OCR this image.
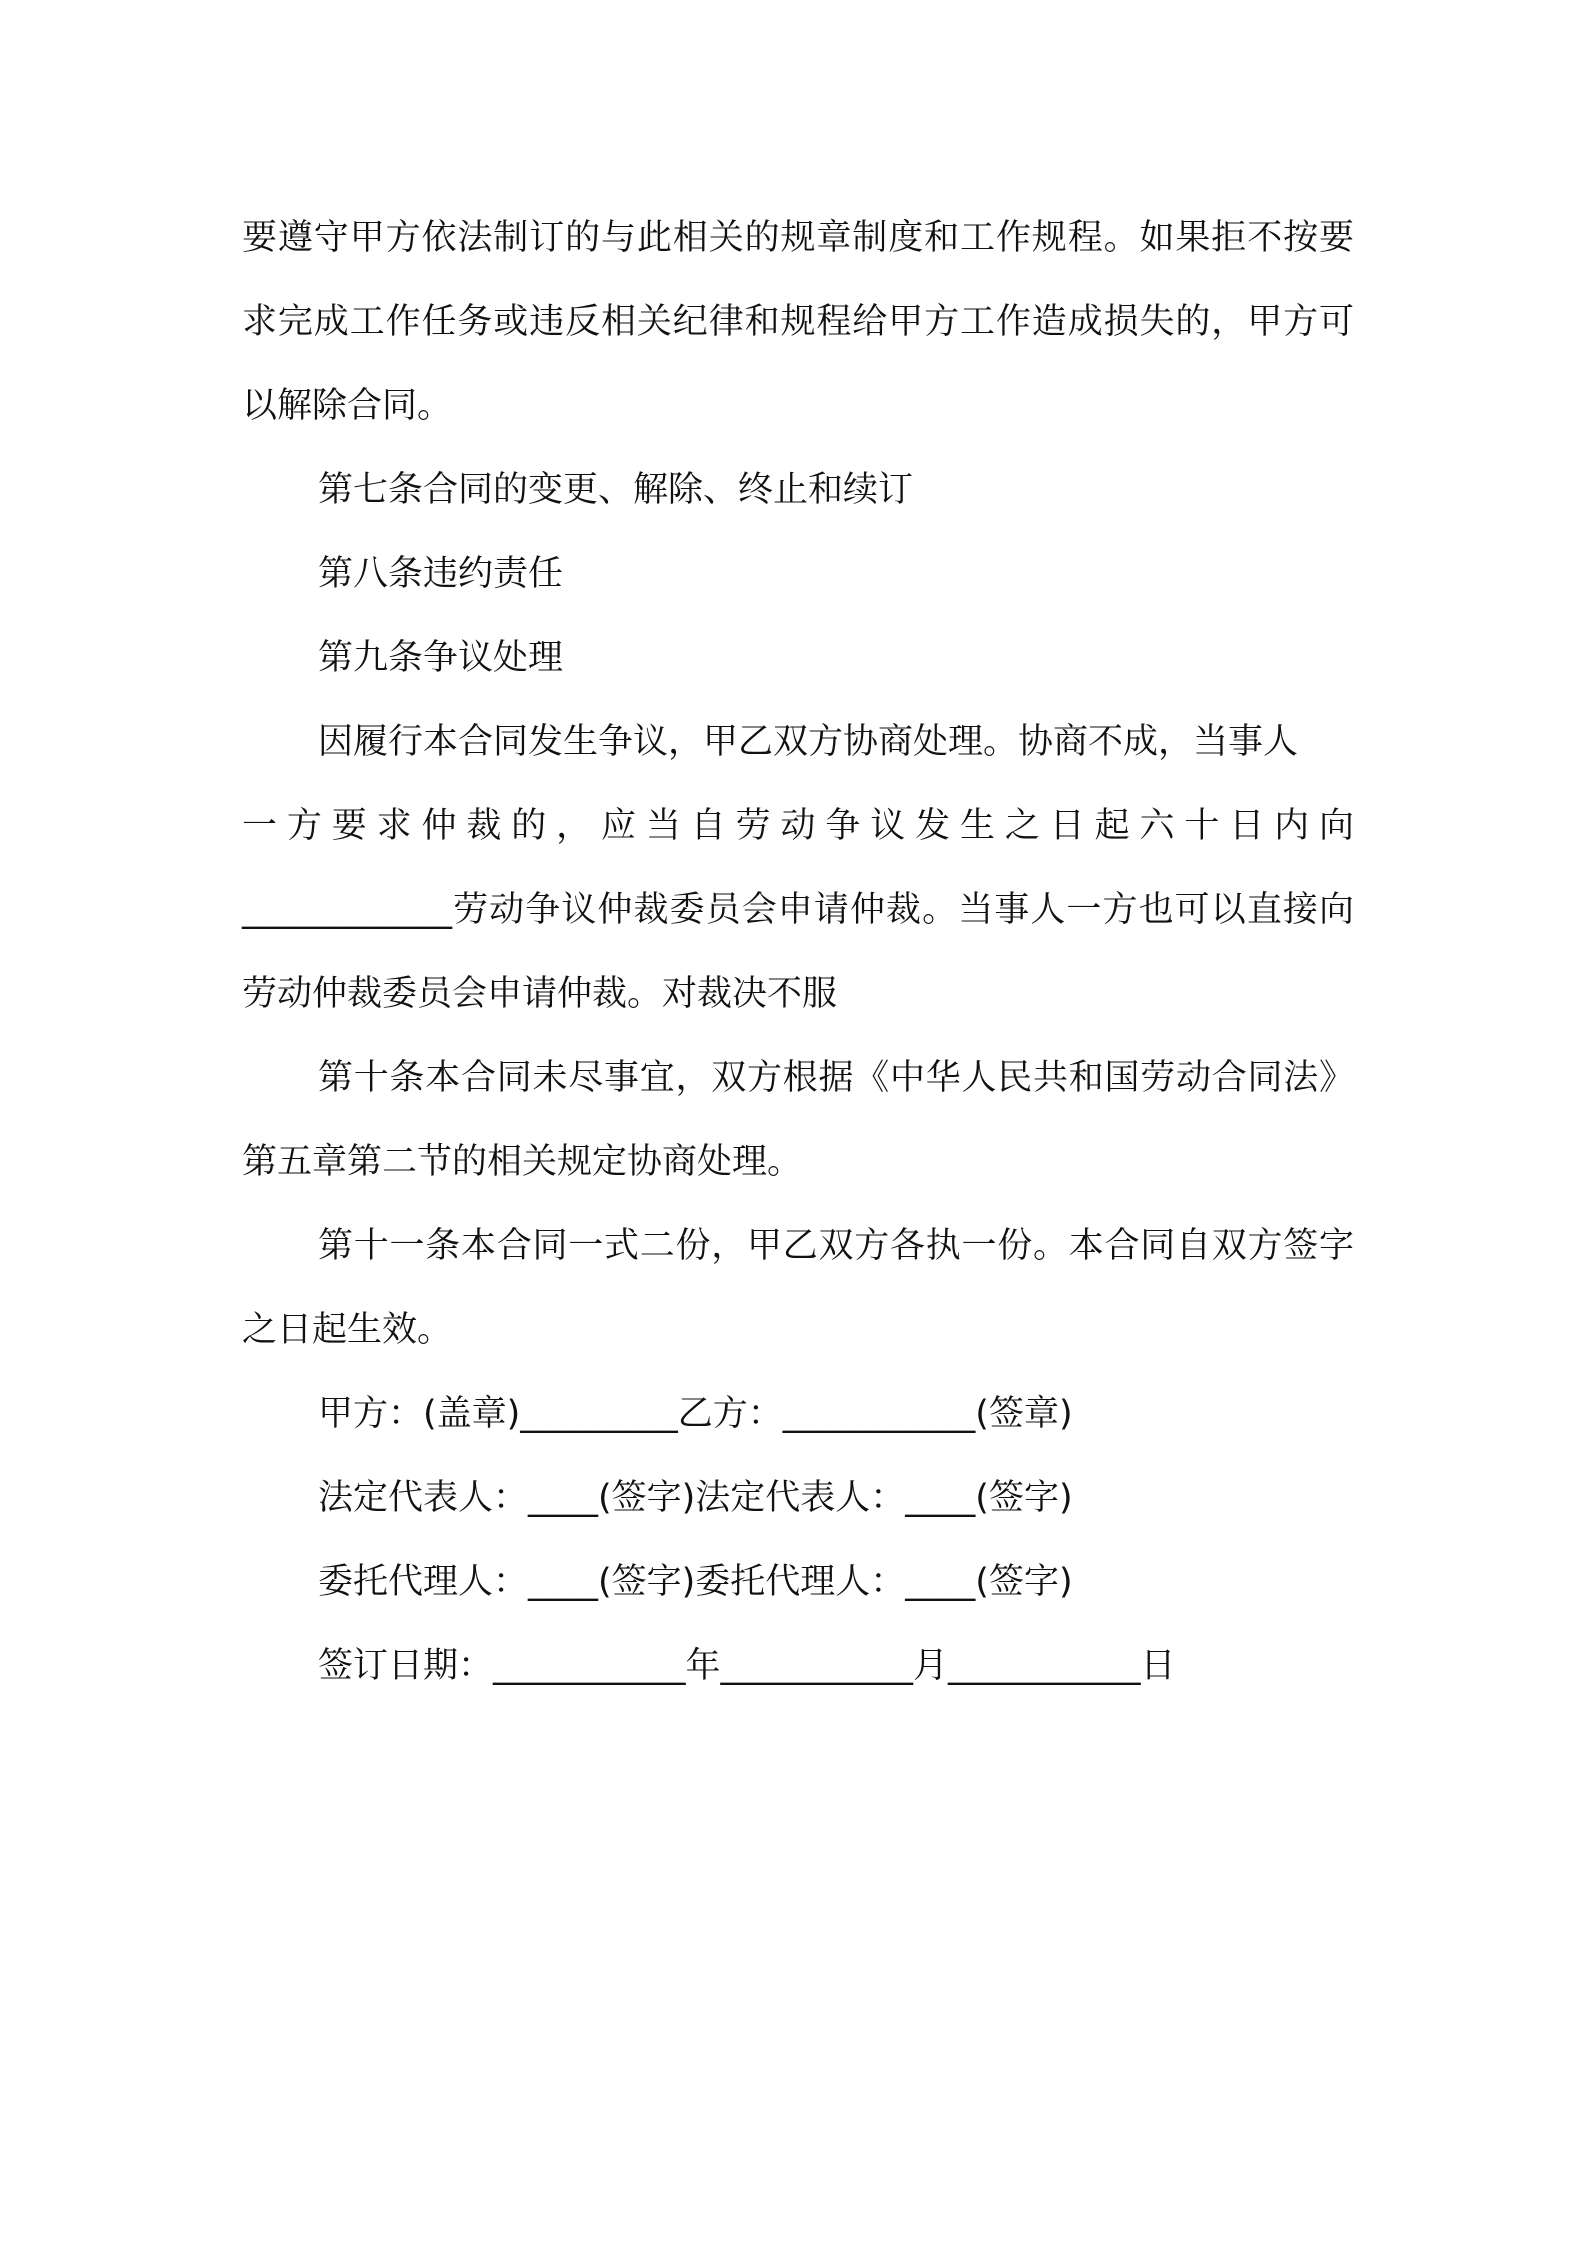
要遵守甲方依法制订的与此相关的规章制度和工作规程。如果拒不按要求完成工作任务或违反相关纪律和规程给甲方工作造成损失的，甲方可以解除合同。

第七条合同的变更、解除、终止和续订

第八条违约责任

第九条争议处理

因履行本合同发生争议，甲乙双方协商处理。协商不成，当事人

一方要求仲裁的，应当自劳动争议发生之日起六十日内向

____________劳动争议仲裁委员会申请仲裁。当事人一方也可以直接向劳动仲裁委员会申请仲裁。对裁决不服

第十条本合同未尽事宜，双方根据《中华人民共和国劳动合同法》第五章第二节的相关规定协商处理。

第十一条本合同一式二份，甲乙双方各执一份。本合同自双方签字之日起生效。

甲方：(盖章)_________乙方：___________(签章)

法定代表人：____(签字)法定代表人：____(签字)

委托代理人：____(签字)委托代理人：____(签字)

签订日期：___________年___________月___________日
